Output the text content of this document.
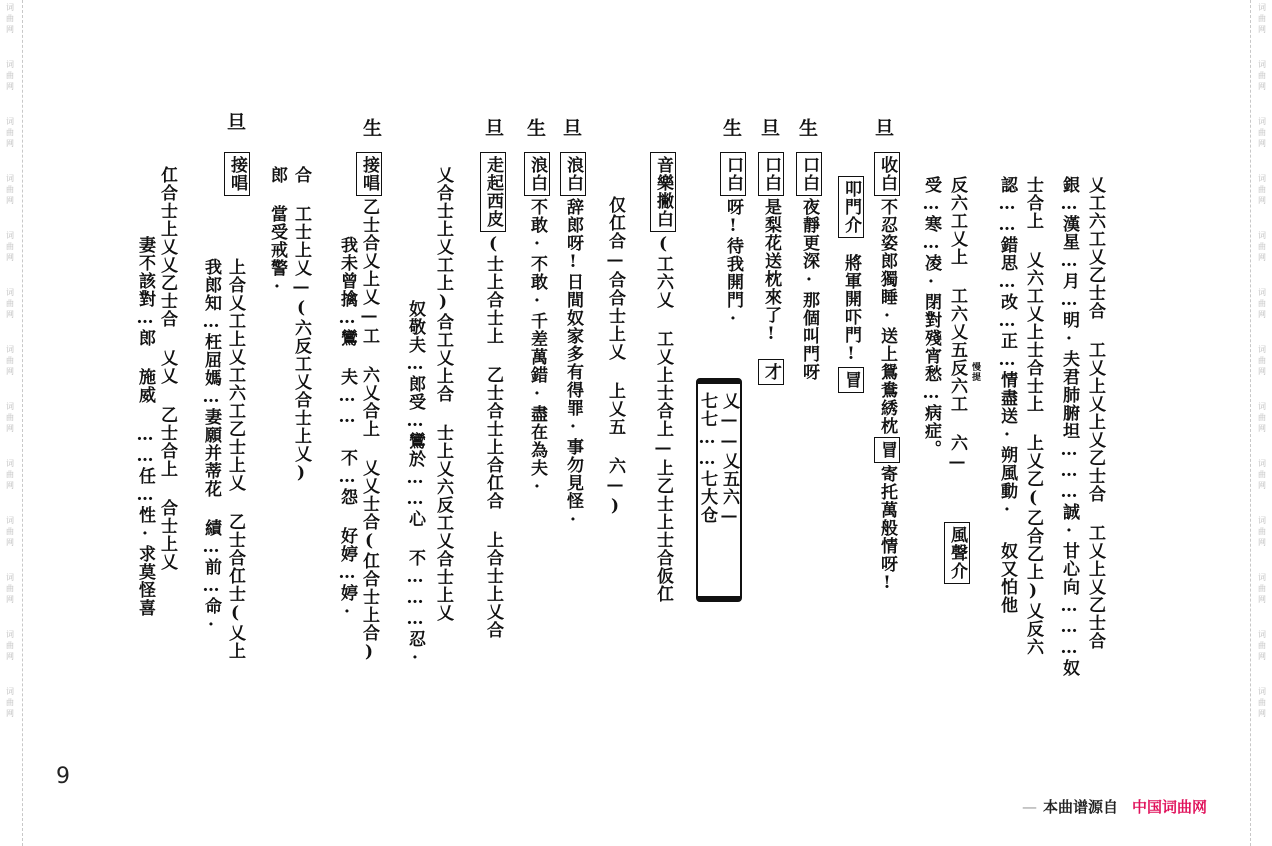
词
曲
网
词
曲
网
词
曲
网
词
曲
网
词
曲
网
词
曲
网
词
曲
网
词
曲
网
词
曲
网
词
曲
网
词
曲
网
词
曲
网
词
曲
网
词
曲
网
词
曲
网
词
曲
网
词
曲
网
词
曲
网
词
曲
网
词
曲
网
词
曲
网
词
曲
网
词
曲
网
词
曲
网
词
曲
网
词
曲
网
乂工六工乂乙士合 工乂上乂上乂乙士合 工乂上乂乙士合
銀…漢星…月…明·夫君肺腑坦………誠·甘心向………奴
士合上 乂六工乂上士合士上 上乂乙(乙合乙上)乂反六
認……錯思…改…正…情盡送·朔風動· 奴又怕他
慢提
反六工乂上 工六乂五反六工 六—
受…寒…凌·閉對殘宵愁…病症。
風聲介
旦
收白不忍姿郎獨睡·送上鴛鴦綉枕冒寄托萬般情呀!
叩門介將軍開吓門!冒
生
口白夜靜更深·那個叫門呀
旦
口白是梨花送枕來了!才
生
口白呀!待我開門·
乂——乂五六—
七七……七大仓
音樂撇白(工六乂 工乂上士合上—上乙士上士合仮仜
仅仜合—合合士上乂 上乂五 六—)
旦
浪白辞郎呀!日間奴家多有得罪·事勿見怪·
生
浪白不敢·不敢·千差萬錯·盡在為夫·
旦
走起西皮(士上合士上 乙士合士上合仜合 上合士上乂合
乂合士上乂工上)合工乂上合 士上乂六反工乂合士上乂
奴敬夫…郎受…鸞於……心 不………忍·
生
接唱乙士合乂上乂—工 六乂合上 乂乂士合(仜合士上合)
我未曾擒…鸞 夫…… 不…怨 好婷…婷·
合 工士上乂—(六反工乂合士上乂)
郎 當受戒警·
旦
接唱
上合乂工上乂工六工乙士上乂 乙士合仜士(乂上
我郎知…枉屈媽…妻願并蒂花 績…前…命·
仜合士上乂乂乙士合 乂乂 乙士合上 合士上乂
妻不該對…郎 施威 ……任…性·求莫怪喜
9
— 本曲谱源自 中国词曲网
